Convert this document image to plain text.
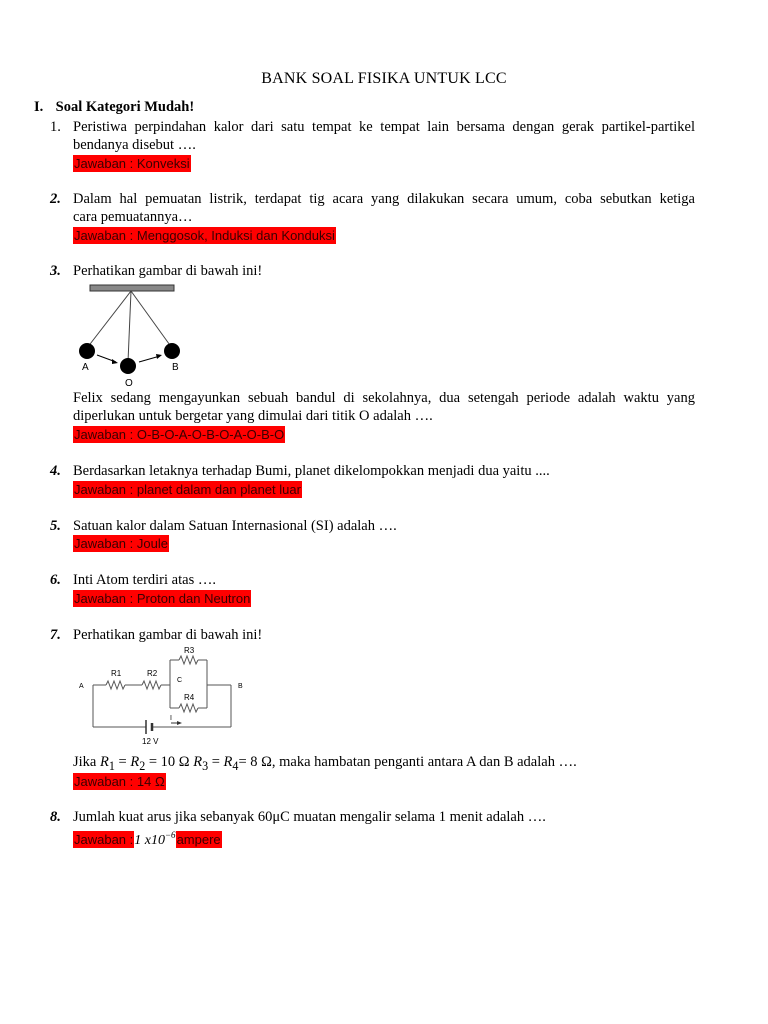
BANK SOAL FISIKA UNTUK LCC
I. Soal Kategori Mudah!
1. Peristiwa perpindahan kalor dari satu tempat ke tempat lain bersama dengan gerak partikel-partikel
bendanya disebut ….
Jawaban : Konveksi
2. Dalam hal pemuatan listrik, terdapat tig acara yang dilakukan secara umum, coba sebutkan ketiga
cara pemuatannya…
Jawaban : Menggosok, Induksi dan Konduksi
3. Perhatikan gambar di bawah ini!
A
O
B
Felix sedang mengayunkan sebuah bandul di sekolahnya, dua setengah periode adalah waktu yang
diperlukan untuk bergetar yang dimulai dari titik O adalah ….
Jawaban : O-B-O-A-O-B-O-A-O-B-O
4. Berdasarkan letaknya terhadap Bumi, planet dikelompokkan menjadi dua yaitu ....
Jawaban : planet dalam dan planet luar
5. Satuan kalor dalam Satuan Internasional (SI) adalah ….
Jawaban : Joule
6. Inti Atom terdiri atas ….
Jawaban : Proton dan Neutron
7. Perhatikan gambar di bawah ini!
A	B
R1	R2
R3
R4
C
I
12 V
Jika $R_1 = R_2 = 10$ Ω $R_3 = R_4= 8$ Ω, maka hambatan penganti antara A dan B adalah ….
Jawaban : 14 Ω
8. Jumlah kuat arus jika sebanyak 60μC muatan mengalir selama 1 menit adalah ….
Jawaban :1 $x10^{-6}ampere$
